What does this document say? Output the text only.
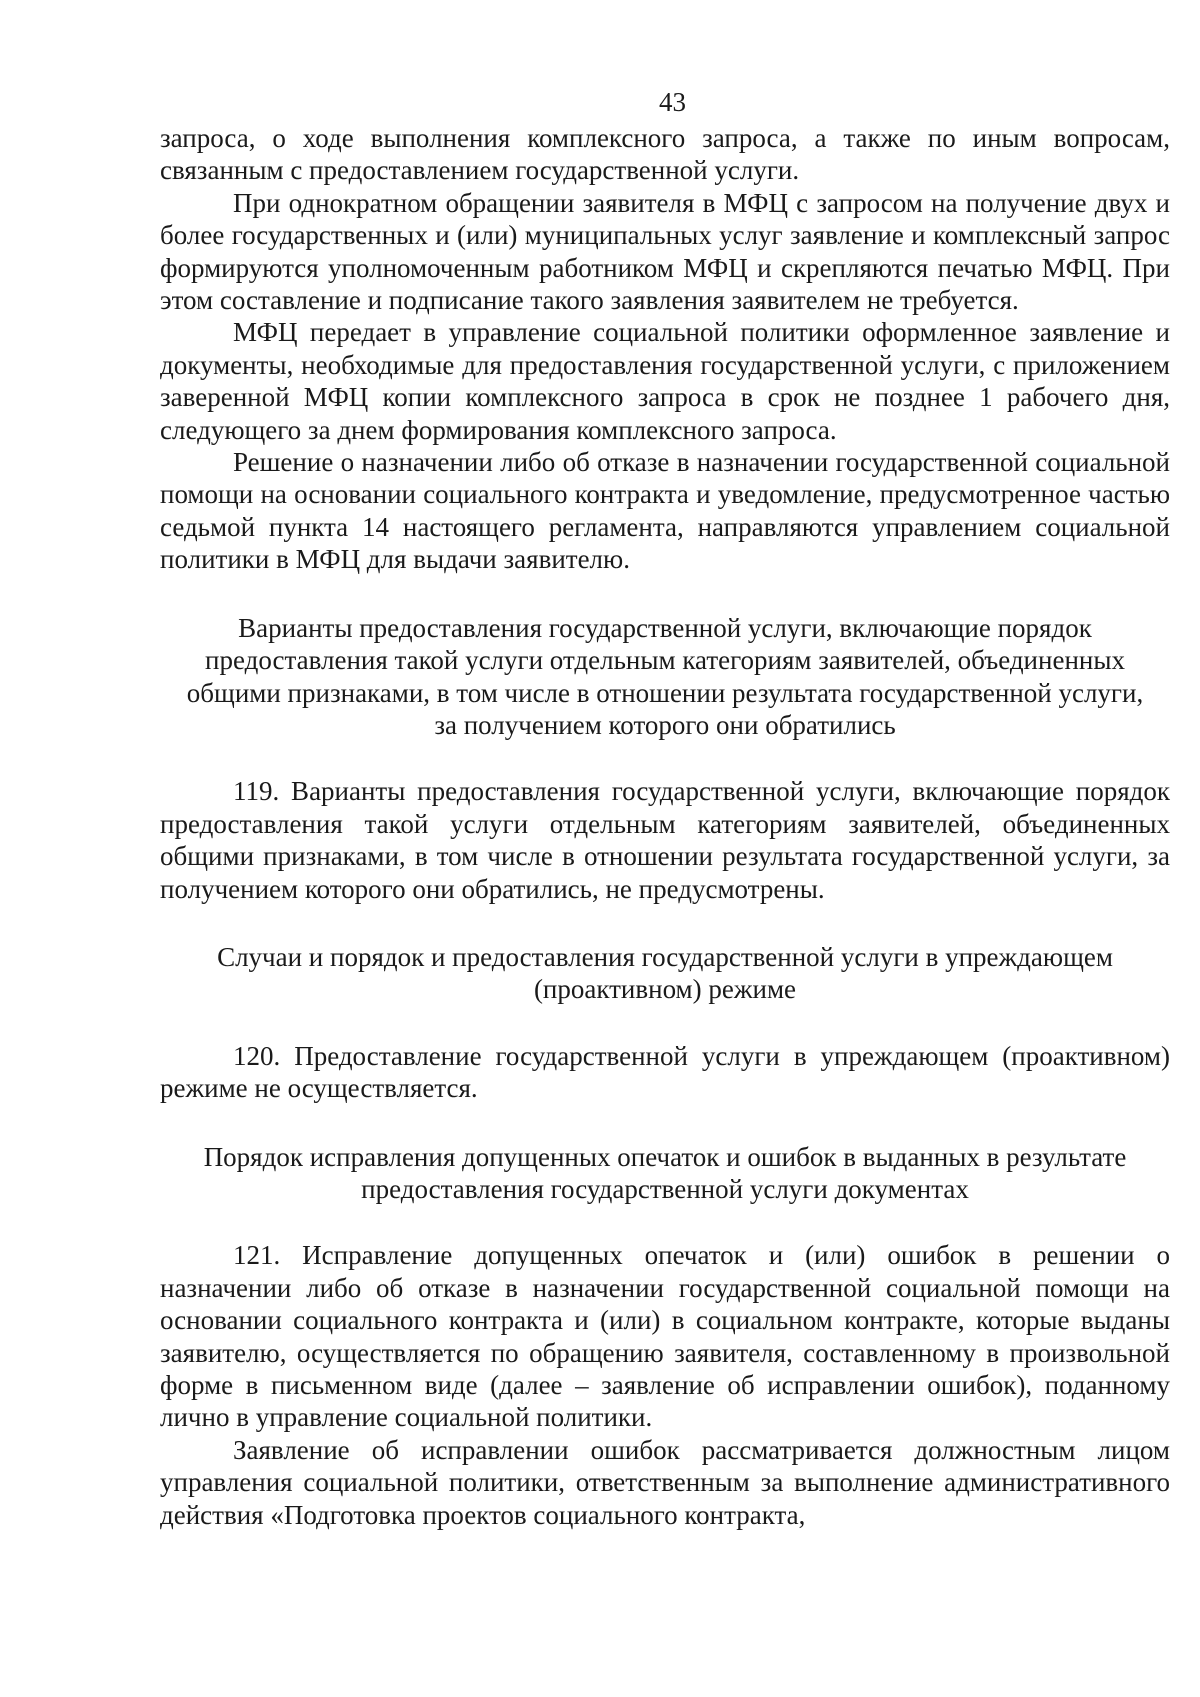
43

запроса, о ходе выполнения комплексного запроса, а также по иным вопросам, связанным с предоставлением государственной услуги.

При однократном обращении заявителя в МФЦ с запросом на получение двух и более государственных и (или) муниципальных услуг заявление и комплексный запрос формируются уполномоченным работником МФЦ и скрепляются печатью МФЦ. При этом составление и подписание такого заявления заявителем не требуется.

МФЦ передает в управление социальной политики оформленное заявление и документы, необходимые для предоставления государственной услуги, с приложением заверенной МФЦ копии комплексного запроса в срок не позднее 1 рабочего дня, следующего за днем формирования комплексного запроса.

Решение о назначении либо об отказе в назначении государственной социальной помощи на основании социального контракта и уведомление, предусмотренное частью седьмой пункта 14 настоящего регламента, направляются управлением социальной политики в МФЦ для выдачи заявителю.

Варианты предоставления государственной услуги, включающие порядок предоставления такой услуги отдельным категориям заявителей, объединенных общими признаками, в том числе в отношении результата государственной услуги, за получением которого они обратились

119. Варианты предоставления государственной услуги, включающие порядок предоставления такой услуги отдельным категориям заявителей, объединенных общими признаками, в том числе в отношении результата государственной услуги, за получением которого они обратились, не предусмотрены.

Случаи и порядок и предоставления государственной услуги в упреждающем (проактивном) режиме

120. Предоставление государственной услуги в упреждающем (проактивном) режиме не осуществляется.

Порядок исправления допущенных опечаток и ошибок в выданных в результате предоставления государственной услуги документах

121. Исправление допущенных опечаток и (или) ошибок в решении о назначении либо об отказе в назначении государственной социальной помощи на основании социального контракта и (или) в социальном контракте, которые выданы заявителю, осуществляется по обращению заявителя, составленному в произвольной форме в письменном виде (далее – заявление об исправлении ошибок), поданному лично в управление социальной политики.

Заявление об исправлении ошибок рассматривается должностным лицом управления социальной политики, ответственным за выполнение административного действия «Подготовка проектов социального контракта,
